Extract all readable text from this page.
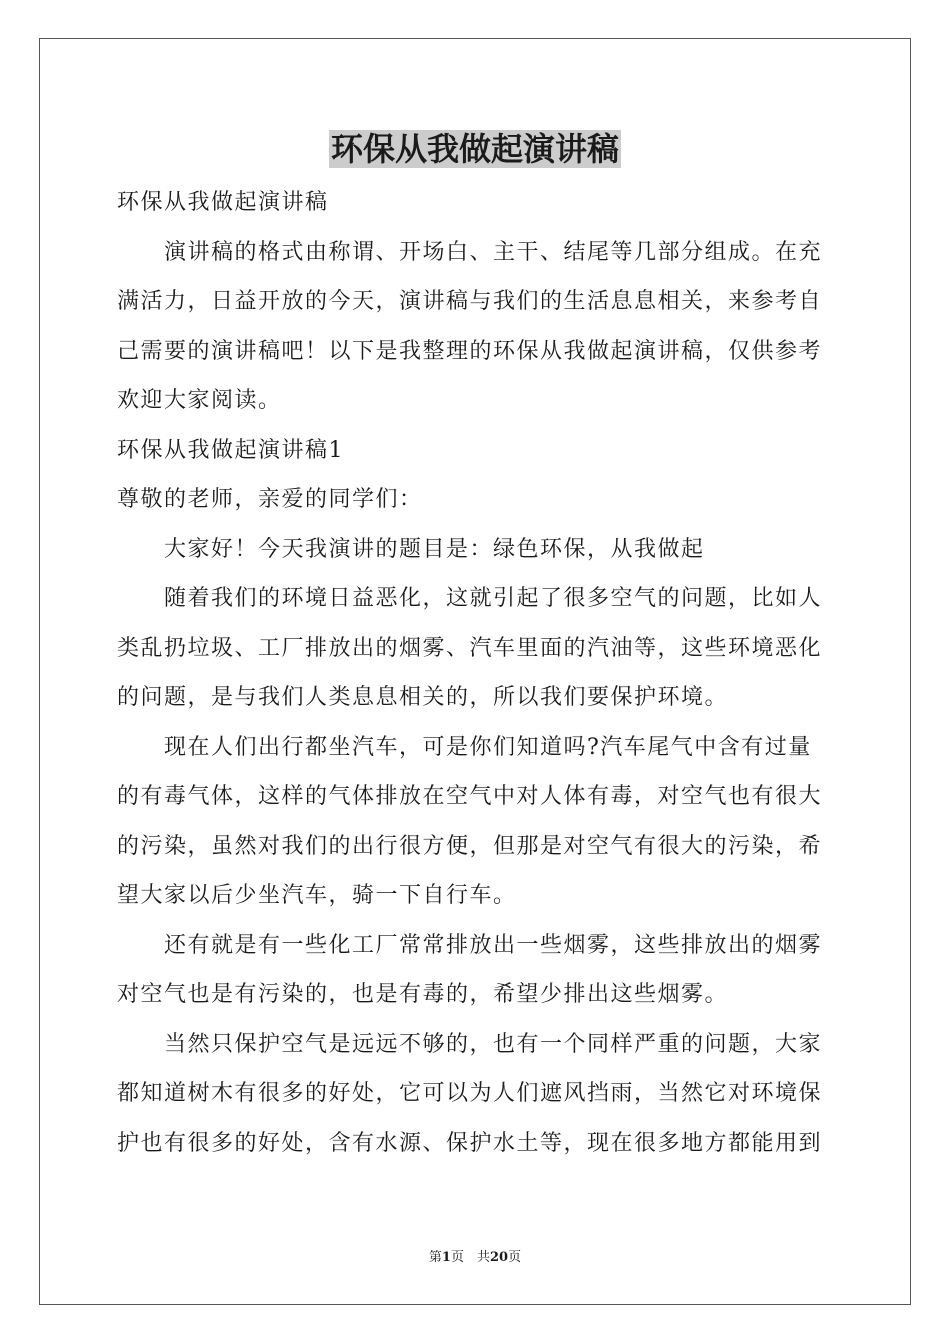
环保从我做起演讲稿
环保从我做起演讲稿
演讲稿的格式由称谓、开场白、主干、结尾等几部分组成。在充
满活力，日益开放的今天，演讲稿与我们的生活息息相关，来参考自
己需要的演讲稿吧！以下是我整理的环保从我做起演讲稿，仅供参考
欢迎大家阅读。
环保从我做起演讲稿1
尊敬的老师，亲爱的同学们：
大家好！今天我演讲的题目是：绿色环保，从我做起
随着我们的环境日益恶化，这就引起了很多空气的问题，比如人
类乱扔垃圾、工厂排放出的烟雾、汽车里面的汽油等，这些环境恶化
的问题，是与我们人类息息相关的，所以我们要保护环境。
现在人们出行都坐汽车，可是你们知道吗?汽车尾气中含有过量
的有毒气体，这样的气体排放在空气中对人体有毒，对空气也有很大
的污染，虽然对我们的出行很方便，但那是对空气有很大的污染，希
望大家以后少坐汽车，骑一下自行车。
还有就是有一些化工厂常常排放出一些烟雾，这些排放出的烟雾
对空气也是有污染的，也是有毒的，希望少排出这些烟雾。
当然只保护空气是远远不够的，也有一个同样严重的问题，大家
都知道树木有很多的好处，它可以为人们遮风挡雨，当然它对环境保
护也有很多的好处，含有水源、保护水土等，现在很多地方都能用到
第1页　共20页
